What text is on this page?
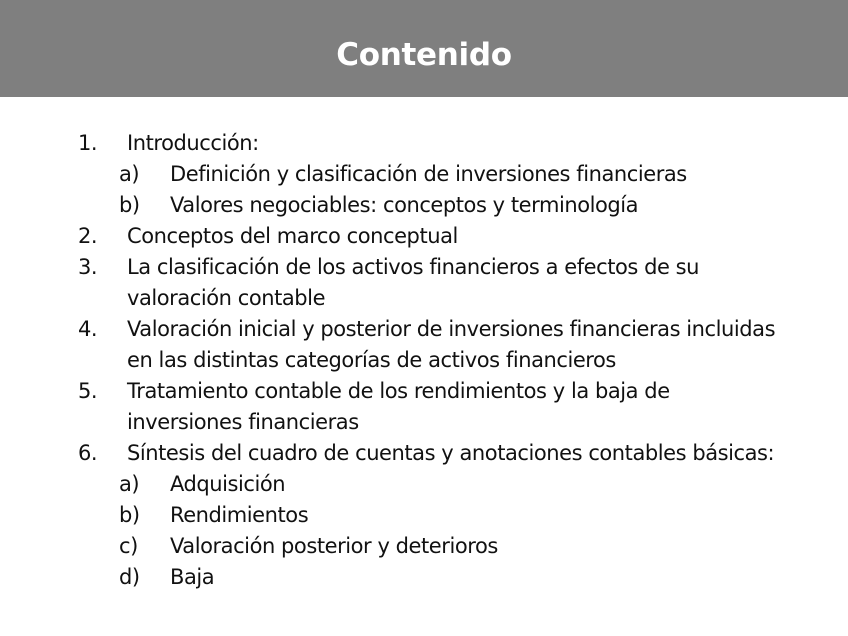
Contenido
1. Introducción:
a) Definición y clasificación de inversiones financieras
b) Valores negociables: conceptos y terminología
2. Conceptos del marco conceptual
3. La clasificación de los activos financieros a efectos de su
valoración contable
4. Valoración inicial y posterior de inversiones financieras incluidas
en las distintas categorías de activos financieros
5. Tratamiento contable de los rendimientos y la baja de
inversiones financieras
6. Síntesis del cuadro de cuentas y anotaciones contables básicas:
a) Adquisición
b) Rendimientos
c) Valoración posterior y deterioros
d) Baja
